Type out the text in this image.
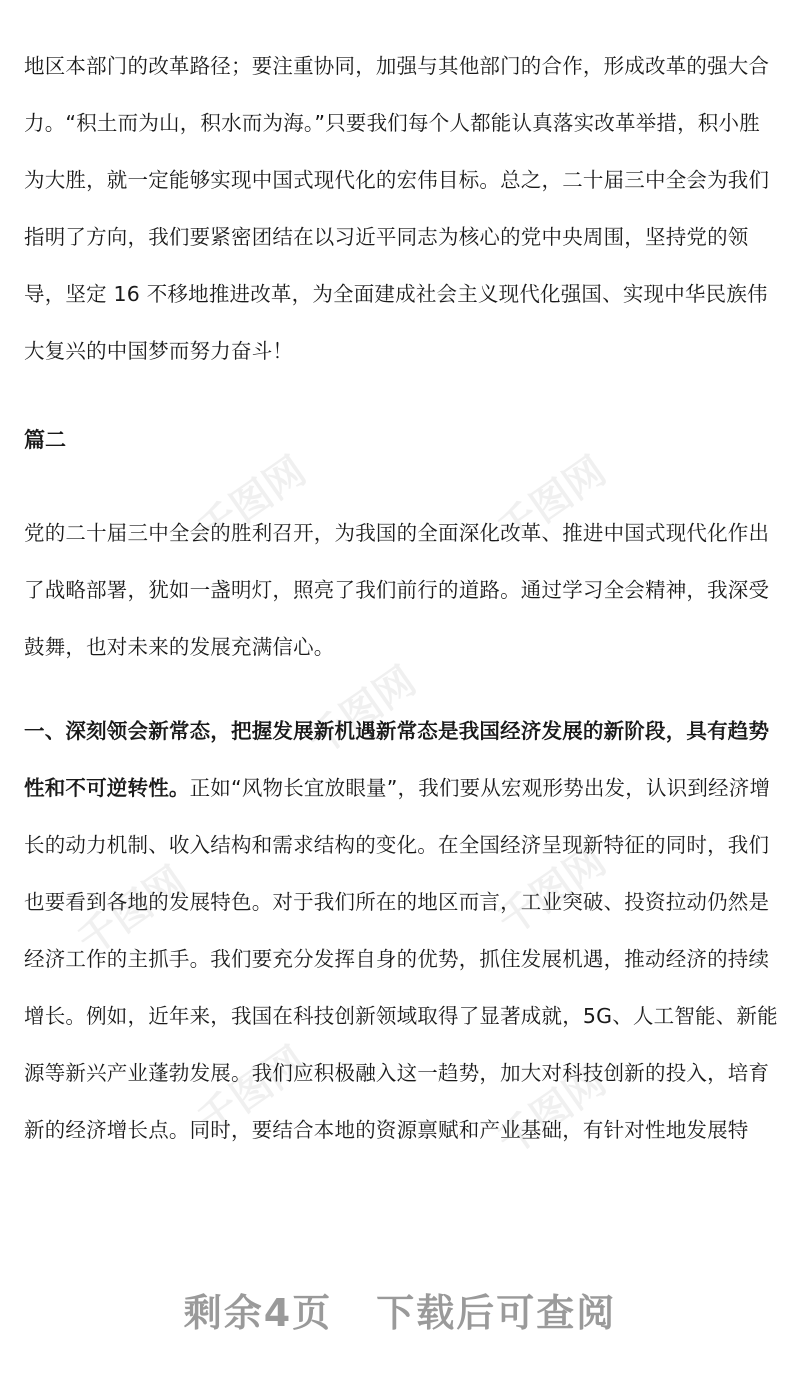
千图网	千图网
千图网
千图网	千图网
千图网	千图网
地区本部门的改革路径；要注重协同，加强与其他部门的合作，形成改革的强大合力。“积土而为山，积水而为海。”只要我们每个人都能认真落实改革举措，积小胜为大胜，就一定能够实现中国式现代化的宏伟目标。总之，二十届三中全会为我们指明了方向，我们要紧密团结在以习近平同志为核心的党中央周围，坚持党的领导，坚定 16 不移地推进改革，为全面建成社会主义现代化强国、实现中华民族伟大复兴的中国梦而努力奋斗！
篇二
党的二十届三中全会的胜利召开，为我国的全面深化改革、推进中国式现代化作出了战略部署，犹如一盏明灯，照亮了我们前行的道路。通过学习全会精神，我深受鼓舞，也对未来的发展充满信心。
一、深刻领会新常态，把握发展新机遇新常态是我国经济发展的新阶段，具有趋势性和不可逆转性。正如“风物长宜放眼量”，我们要从宏观形势出发，认识到经济增长的动力机制、收入结构和需求结构的变化。在全国经济呈现新特征的同时，我们也要看到各地的发展特色。对于我们所在的地区而言，工业突破、投资拉动仍然是经济工作的主抓手。我们要充分发挥自身的优势，抓住发展机遇，推动经济的持续增长。例如，近年来，我国在科技创新领域取得了显著成就，5G、人工智能、新能源等新兴产业蓬勃发展。我们应积极融入这一趋势，加大对科技创新的投入，培育新的经济增长点。同时，要结合本地的资源禀赋和产业基础，有针对性地发展特
剩余4页 下载后可查阅
